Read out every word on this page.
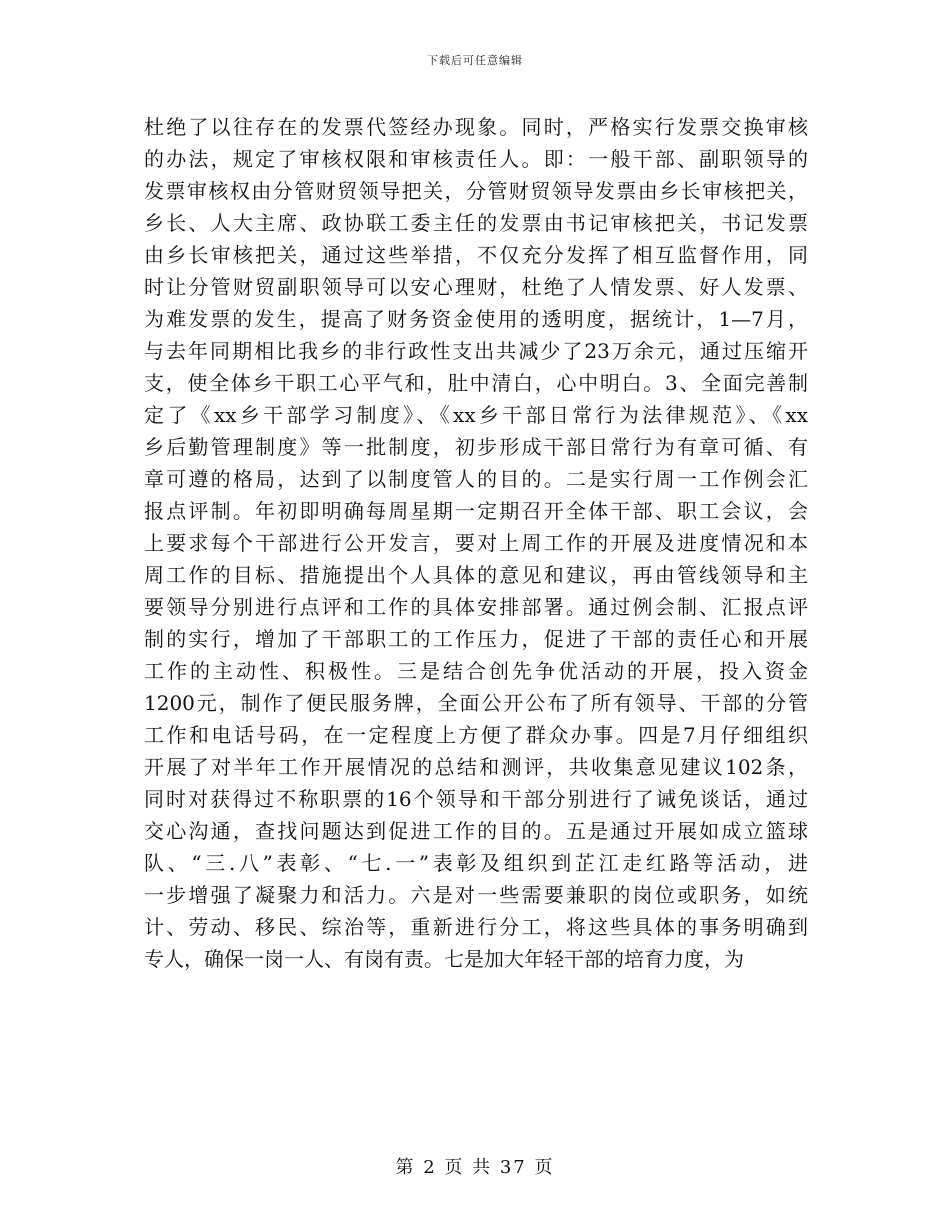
下载后可任意编辑
杜绝了以往存在的发票代签经办现象。同时，严格实行发票交换审核
的办法，规定了审核权限和审核责任人。即：一般干部、副职领导的
发票审核权由分管财贸领导把关，分管财贸领导发票由乡长审核把关，
乡长、人大主席、政协联工委主任的发票由书记审核把关，书记发票
由乡长审核把关，通过这些举措，不仅充分发挥了相互监督作用，同
时让分管财贸副职领导可以安心理财，杜绝了人情发票、好人发票、
为难发票的发生，提高了财务资金使用的透明度，据统计，1—7月，
与去年同期相比我乡的非行政性支出共减少了23万余元，通过压缩开
支，使全体乡干职工心平气和，肚中清白，心中明白。3、全面完善制
定了《xx乡干部学习制度》、《xx乡干部日常行为法律规范》、《xx
乡后勤管理制度》等一批制度，初步形成干部日常行为有章可循、有
章可遵的格局，达到了以制度管人的目的。二是实行周一工作例会汇
报点评制。年初即明确每周星期一定期召开全体干部、职工会议，会
上要求每个干部进行公开发言，要对上周工作的开展及进度情况和本
周工作的目标、措施提出个人具体的意见和建议，再由管线领导和主
要领导分别进行点评和工作的具体安排部署。通过例会制、汇报点评
制的实行，增加了干部职工的工作压力，促进了干部的责任心和开展
工作的主动性、积极性。三是结合创先争优活动的开展，投入资金
1200元，制作了便民服务牌，全面公开公布了所有领导、干部的分管
工作和电话号码，在一定程度上方便了群众办事。四是7月仔细组织
开展了对半年工作开展情况的总结和测评，共收集意见建议102条，
同时对获得过不称职票的16个领导和干部分别进行了诫免谈话，通过
交心沟通，查找问题达到促进工作的目的。五是通过开展如成立篮球
队、“三.八”表彰、“七.一”表彰及组织到芷江走红路等活动，进
一步增强了凝聚力和活力。六是对一些需要兼职的岗位或职务，如统
计、劳动、移民、综治等，重新进行分工，将这些具体的事务明确到
专人，确保一岗一人、有岗有责。七是加大年轻干部的培育力度，为
第 2 页 共 37 页
